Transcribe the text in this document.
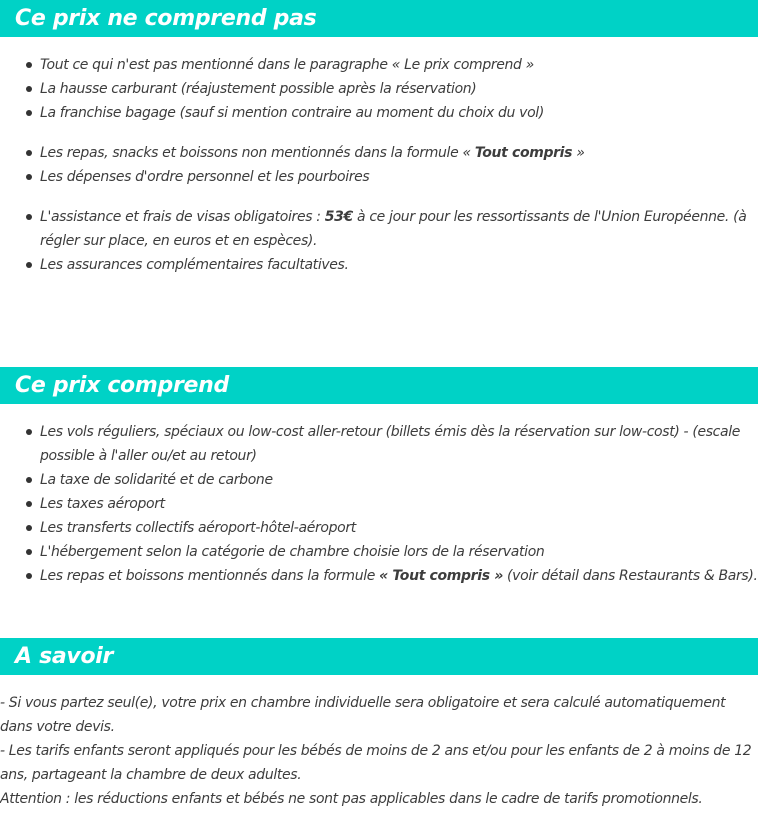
Ce prix ne comprend pas
Tout ce qui n'est pas mentionné dans le paragraphe « Le prix comprend »
La hausse carburant (réajustement possible après la réservation)
La franchise bagage (sauf si mention contraire au moment du choix du vol)
Les repas, snacks et boissons non mentionnés dans la formule « Tout compris »
Les dépenses d'ordre personnel et les pourboires
L'assistance et frais de visas obligatoires : 53€ à ce jour pour les ressortissants de l'Union Européenne. (à régler sur place, en euros et en espèces).
Les assurances complémentaires facultatives.
Ce prix comprend
Les vols réguliers, spéciaux ou low-cost aller-retour (billets émis dès la réservation sur low-cost) - (escale possible à l'aller ou/et au retour)
La taxe de solidarité et de carbone
Les taxes aéroport
Les transferts collectifs aéroport-hôtel-aéroport
L'hébergement selon la catégorie de chambre choisie lors de la réservation
Les repas et boissons mentionnés dans la formule « Tout compris » (voir détail dans Restaurants & Bars).
A savoir

- Si vous partez seul(e), votre prix en chambre individuelle sera obligatoire et sera calculé automatiquement dans votre devis.

- Les tarifs enfants seront appliqués pour les bébés de moins de 2 ans et/ou pour les enfants de 2 à moins de 12 ans, partageant la chambre de deux adultes.

Attention : les réductions enfants et bébés ne sont pas applicables dans le cadre de tarifs promotionnels.
